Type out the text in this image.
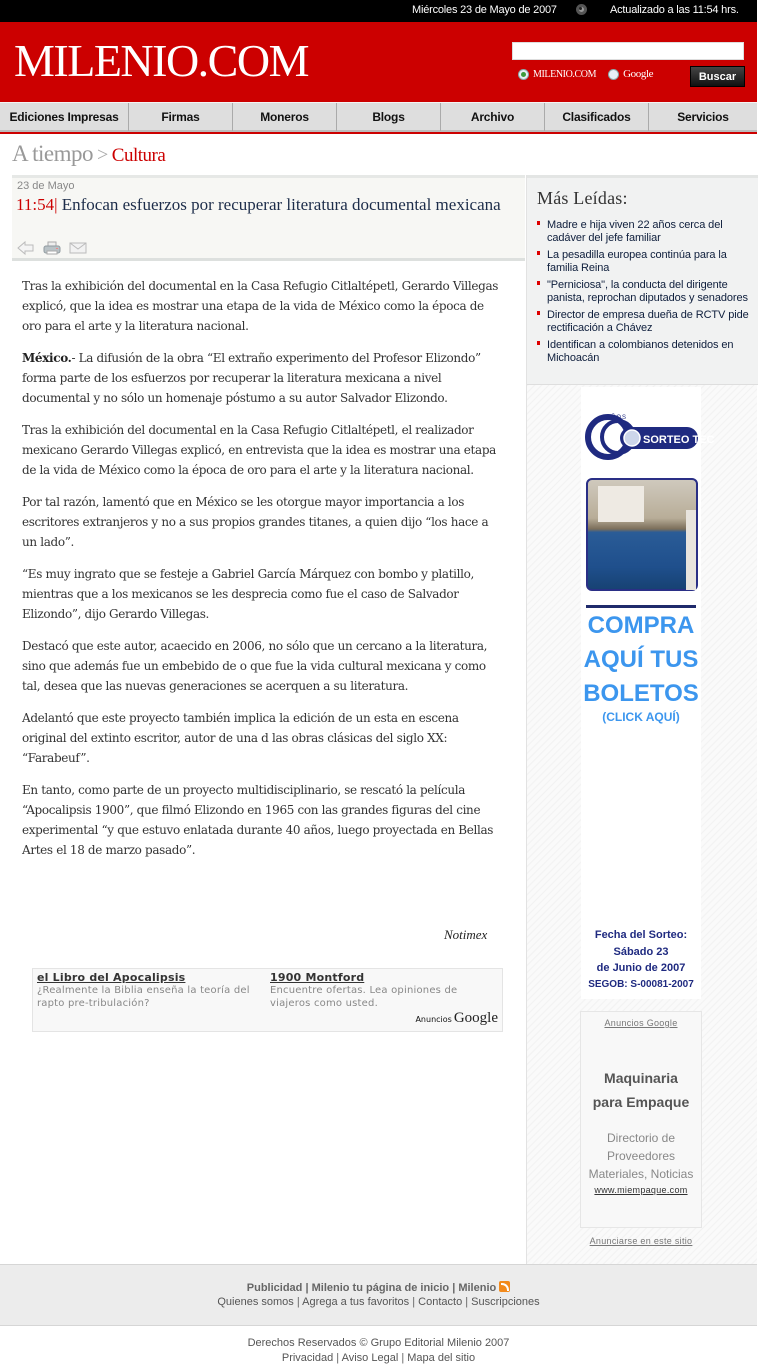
Miércoles 23 de Mayo de 2007	Actualizado a las 11:54 hrs.
MILENIO.COM	MILENIO.COM Google	Buscar
Ediciones Impresas	Firmas	Moneros	Blogs	Archivo	Clasificados	Servicios
A tiempo > Cultura
23 de Mayo
11:54| Enfocan esfuerzos por recuperar literatura documental mexicana

Tras la exhibición del documental en la Casa Refugio Citlaltépetl, Gerardo Villegas explicó, que la idea es mostrar una etapa de la vida de México como la época de oro para el arte y la literatura nacional.

México.- La difusión de la obra “El extraño experimento del Profesor Elizondo” forma parte de los esfuerzos por recuperar la literatura mexicana a nivel documental y no sólo un homenaje póstumo a su autor Salvador Elizondo.

Tras la exhibición del documental en la Casa Refugio Citlaltépetl, el realizador mexicano Gerardo Villegas explicó, en entrevista que la idea es mostrar una etapa de la vida de México como la época de oro para el arte y la literatura nacional.

Por tal razón, lamentó que en México se les otorgue mayor importancia a los escritores extranjeros y no a sus propios grandes titanes, a quien dijo “los hace a un lado”.

“Es muy ingrato que se festeje a Gabriel García Márquez con bombo y platillo, mientras que a los mexicanos se les desprecia como fue el caso de Salvador Elizondo”, dijo Gerardo Villegas.

Destacó que este autor, acaecido en 2006, no sólo que un cercano a la literatura, sino que además fue un embebido de o que fue la vida cultural mexicana y como tal, desea que las nuevas generaciones se acerquen a su literatura.

Adelantó que este proyecto también implica la edición de un esta en escena original del extinto escritor, autor de una d las obras clásicas del siglo XX: “Farabeuf”.

En tanto, como parte de un proyecto multidisciplinario, se rescató la película “Apocalipsis 1900”, que filmó Elizondo en 1965 con las grandes figuras del cine experimental “y que estuvo enlatada durante 40 años, luego proyectada en Bellas Artes el 18 de marzo pasado”.

Notimex
el Libro del Apocalipsis
¿Realmente la Biblia enseña la teoría del rapto pre-tribulación?
1900 Montford
Encuentre ofertas. Lea opiniones de viajeros como usted.
Anuncios Google
Más Leídas:
Madre e hija viven 22 años cerca del cadáver del jefe familiar
La pesadilla europea continúa para la familia Reina
"Perniciosa", la conducta del dirigente panista, reprochan diputados y senadores
Director de empresa dueña de RCTV pide rectificación a Chávez
Identifican a colombianos detenidos en Michoacán
SORTEO TEC
AÑOS
COMPRA
AQUÍ TUS
BOLETOS
(CLICK AQUÍ)
Fecha del Sorteo:
Sábado 23
de Junio de 2007
SEGOB: S-00081-2007
Anuncios Google
Maquinaria
para Empaque
Directorio de
Proveedores
Materiales, Noticias
www.miempaque.com
Anunciarse en este sitio
Publicidad | Milenio tu página de inicio | Milenio
Quienes somos | Agrega a tus favoritos | Contacto | Suscripciones
Derechos Reservados © Grupo Editorial Milenio 2007
Privacidad | Aviso Legal | Mapa del sitio
